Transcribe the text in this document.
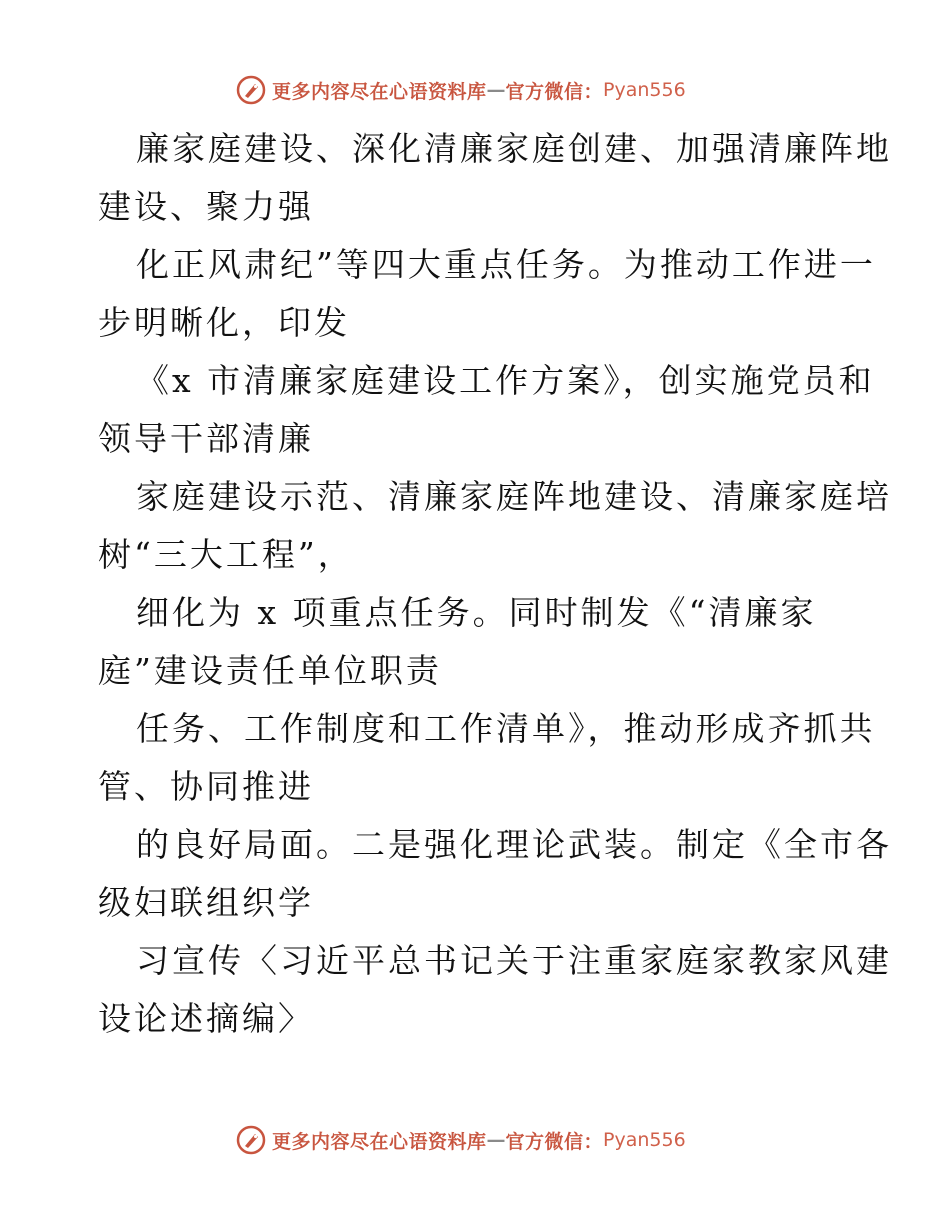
更多内容尽在心语资料库 — 官方微信： Pyan556
廉家庭建设、深化清廉家庭创建、加强清廉阵地
建设、聚力强
化正风肃纪”等四大重点任务。为推动工作进一
步明晰化，印发
《x 市清廉家庭建设工作方案》，创实施党员和
领导干部清廉
家庭建设示范、清廉家庭阵地建设、清廉家庭培
树“三大工程”，
细化为 x 项重点任务。同时制发《“清廉家
庭”建设责任单位职责
任务、工作制度和工作清单》，推动形成齐抓共
管、协同推进
的良好局面。二是强化理论武装。制定《全市各
级妇联组织学
习宣传〈习近平总书记关于注重家庭家教家风建
设论述摘编〉
更多内容尽在心语资料库 — 官方微信： Pyan556
